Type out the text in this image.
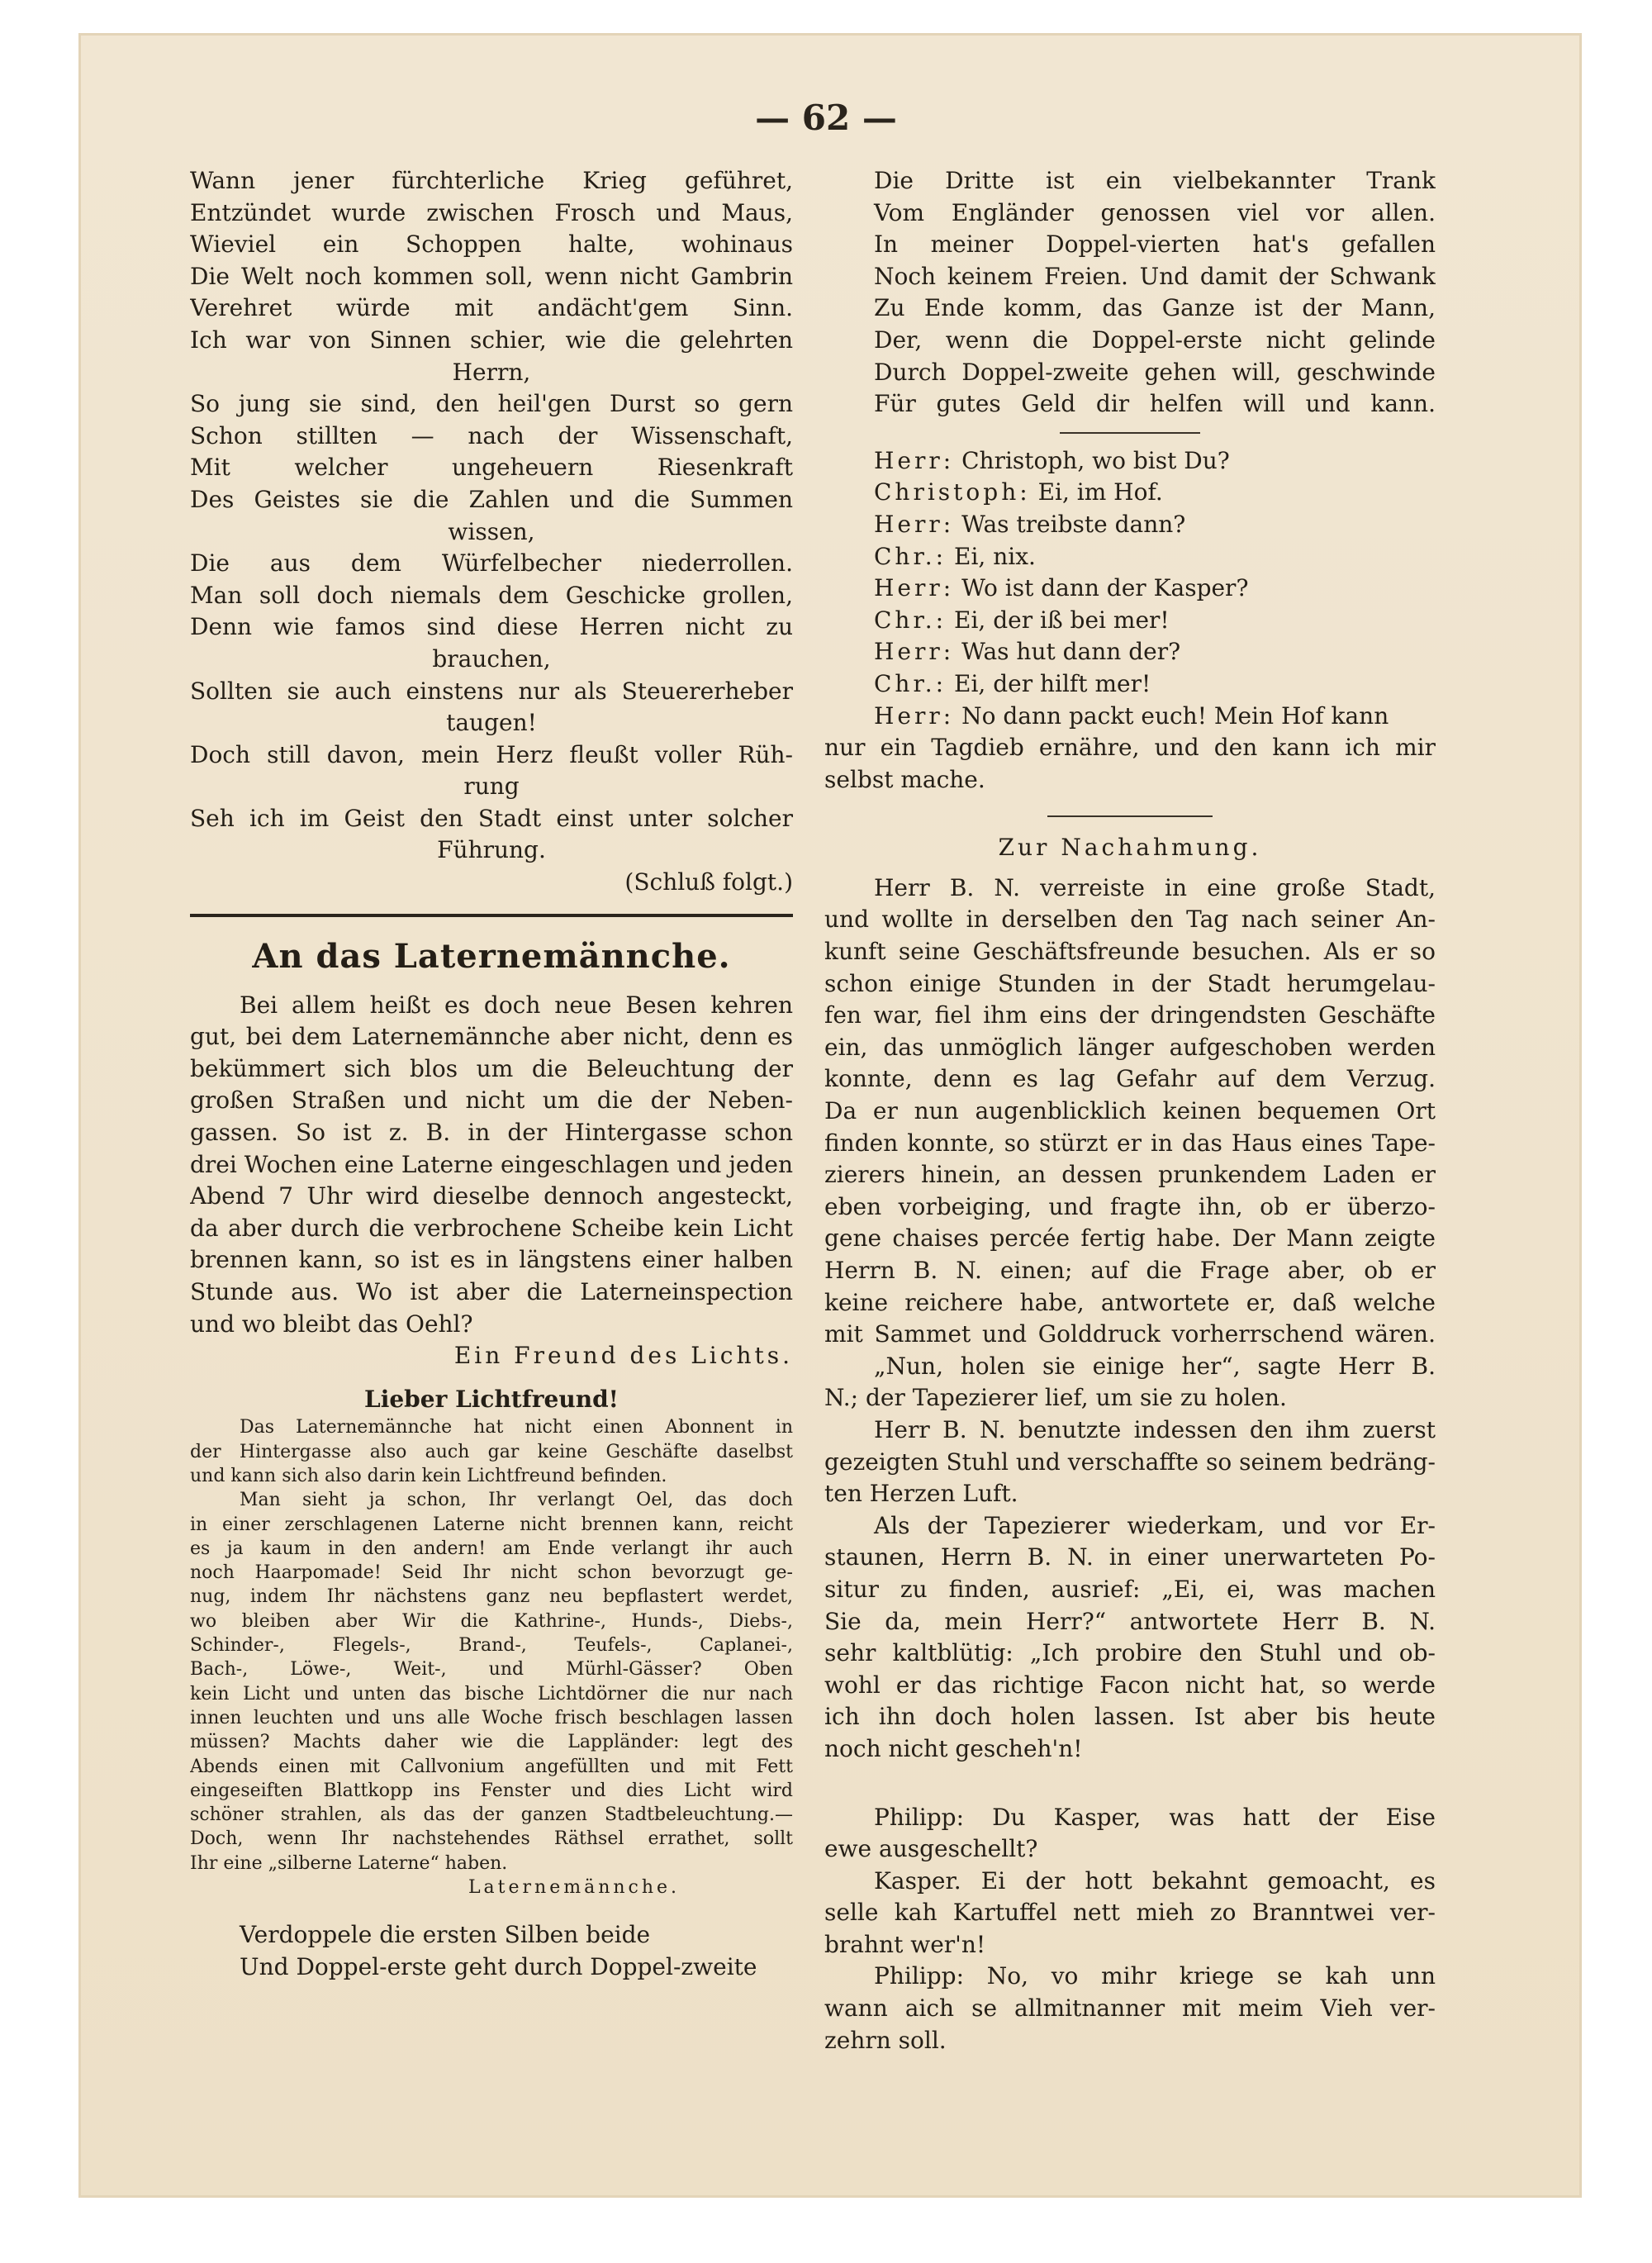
— 62 —
Wann jener fürchterliche Krieg geführet,
Entzündet wurde zwischen Frosch und Maus,
Wieviel ein Schoppen halte, wohinaus
Die Welt noch kommen soll, wenn nicht Gambrin
Verehret würde mit andächt'gem Sinn.
Ich war von Sinnen schier, wie die gelehrten
Herrn,
So jung sie sind, den heil'gen Durst so gern
Schon stillten — nach der Wissenschaft,
Mit welcher ungeheuern Riesenkraft
Des Geistes sie die Zahlen und die Summen
wissen,
Die aus dem Würfelbecher niederrollen.
Man soll doch niemals dem Geschicke grollen,
Denn wie famos sind diese Herren nicht zu
brauchen,
Sollten sie auch einstens nur als Steuererheber
taugen!
Doch still davon, mein Herz fleußt voller Rüh-
rung
Seh ich im Geist den Stadt einst unter solcher
Führung.
(Schluß folgt.)
An das Laternemännche.
Bei allem heißt es doch neue Besen kehren
gut, bei dem Laternemännche aber nicht, denn es
bekümmert sich blos um die Beleuchtung der
großen Straßen und nicht um die der Neben-
gassen. So ist z. B. in der Hintergasse schon
drei Wochen eine Laterne eingeschlagen und jeden
Abend 7 Uhr wird dieselbe dennoch angesteckt,
da aber durch die verbrochene Scheibe kein Licht
brennen kann, so ist es in längstens einer halben
Stunde aus. Wo ist aber die Laterneinspection
und wo bleibt das Oehl?
Ein Freund des Lichts.
Lieber Lichtfreund!
Das Laternemännche hat nicht einen Abonnent in
der Hintergasse also auch gar keine Geschäfte daselbst
und kann sich also darin kein Lichtfreund befinden.
Man sieht ja schon, Ihr verlangt Oel, das doch
in einer zerschlagenen Laterne nicht brennen kann, reicht
es ja kaum in den andern! am Ende verlangt ihr auch
noch Haarpomade! Seid Ihr nicht schon bevorzugt ge-
nug, indem Ihr nächstens ganz neu bepflastert werdet,
wo bleiben aber Wir die Kathrine-, Hunds-, Diebs-,
Schinder-, Flegels-, Brand-, Teufels-, Caplanei-,
Bach-, Löwe-, Weit-, und Mürhl-Gässer? Oben
kein Licht und unten das bische Lichtdörner die nur nach
innen leuchten und uns alle Woche frisch beschlagen lassen
müssen? Machts daher wie die Lappländer: legt des
Abends einen mit Callvonium angefüllten und mit Fett
eingeseiften Blattkopp ins Fenster und dies Licht wird
schöner strahlen, als das der ganzen Stadtbeleuchtung.—
Doch, wenn Ihr nachstehendes Räthsel errathet, sollt
Ihr eine „silberne Laterne“ haben.
Laternemännche.
Verdoppele die ersten Silben beide
Und Doppel-erste geht durch Doppel-zweite
Die Dritte ist ein vielbekannter Trank
Vom Engländer genossen viel vor allen.
In meiner Doppel-vierten hat's gefallen
Noch keinem Freien. Und damit der Schwank
Zu Ende komm, das Ganze ist der Mann,
Der, wenn die Doppel-erste nicht gelinde
Durch Doppel-zweite gehen will, geschwinde
Für gutes Geld dir helfen will und kann.
Herr: Christoph, wo bist Du?
Christoph: Ei, im Hof.
Herr: Was treibste dann?
Chr.: Ei, nix.
Herr: Wo ist dann der Kasper?
Chr.: Ei, der iß bei mer!
Herr: Was hut dann der?
Chr.: Ei, der hilft mer!
Herr: No dann packt euch! Mein Hof kann
nur ein Tagdieb ernähre, und den kann ich mir
selbst mache.
Zur Nachahmung.
Herr B. N. verreiste in eine große Stadt,
und wollte in derselben den Tag nach seiner An-
kunft seine Geschäftsfreunde besuchen. Als er so
schon einige Stunden in der Stadt herumgelau-
fen war, fiel ihm eins der dringendsten Geschäfte
ein, das unmöglich länger aufgeschoben werden
konnte, denn es lag Gefahr auf dem Verzug.
Da er nun augenblicklich keinen bequemen Ort
finden konnte, so stürzt er in das Haus eines Tape-
zierers hinein, an dessen prunkendem Laden er
eben vorbeiging, und fragte ihn, ob er überzo-
gene chaises percée fertig habe. Der Mann zeigte
Herrn B. N. einen; auf die Frage aber, ob er
keine reichere habe, antwortete er, daß welche
mit Sammet und Golddruck vorherrschend wären.
„Nun, holen sie einige her“, sagte Herr B.
N.; der Tapezierer lief, um sie zu holen.
Herr B. N. benutzte indessen den ihm zuerst
gezeigten Stuhl und verschaffte so seinem bedräng-
ten Herzen Luft.
Als der Tapezierer wiederkam, und vor Er-
staunen, Herrn B. N. in einer unerwarteten Po-
situr zu finden, ausrief: „Ei, ei, was machen
Sie da, mein Herr?“ antwortete Herr B. N.
sehr kaltblütig: „Ich probire den Stuhl und ob-
wohl er das richtige Facon nicht hat, so werde
ich ihn doch holen lassen. Ist aber bis heute
noch nicht gescheh'n!
Philipp: Du Kasper, was hatt der Eise
ewe ausgeschellt?
Kasper. Ei der hott bekahnt gemoacht, es
selle kah Kartuffel nett mieh zo Branntwei ver-
brahnt wer'n!
Philipp: No, vo mihr kriege se kah unn
wann aich se allmitnanner mit meim Vieh ver-
zehrn soll.
